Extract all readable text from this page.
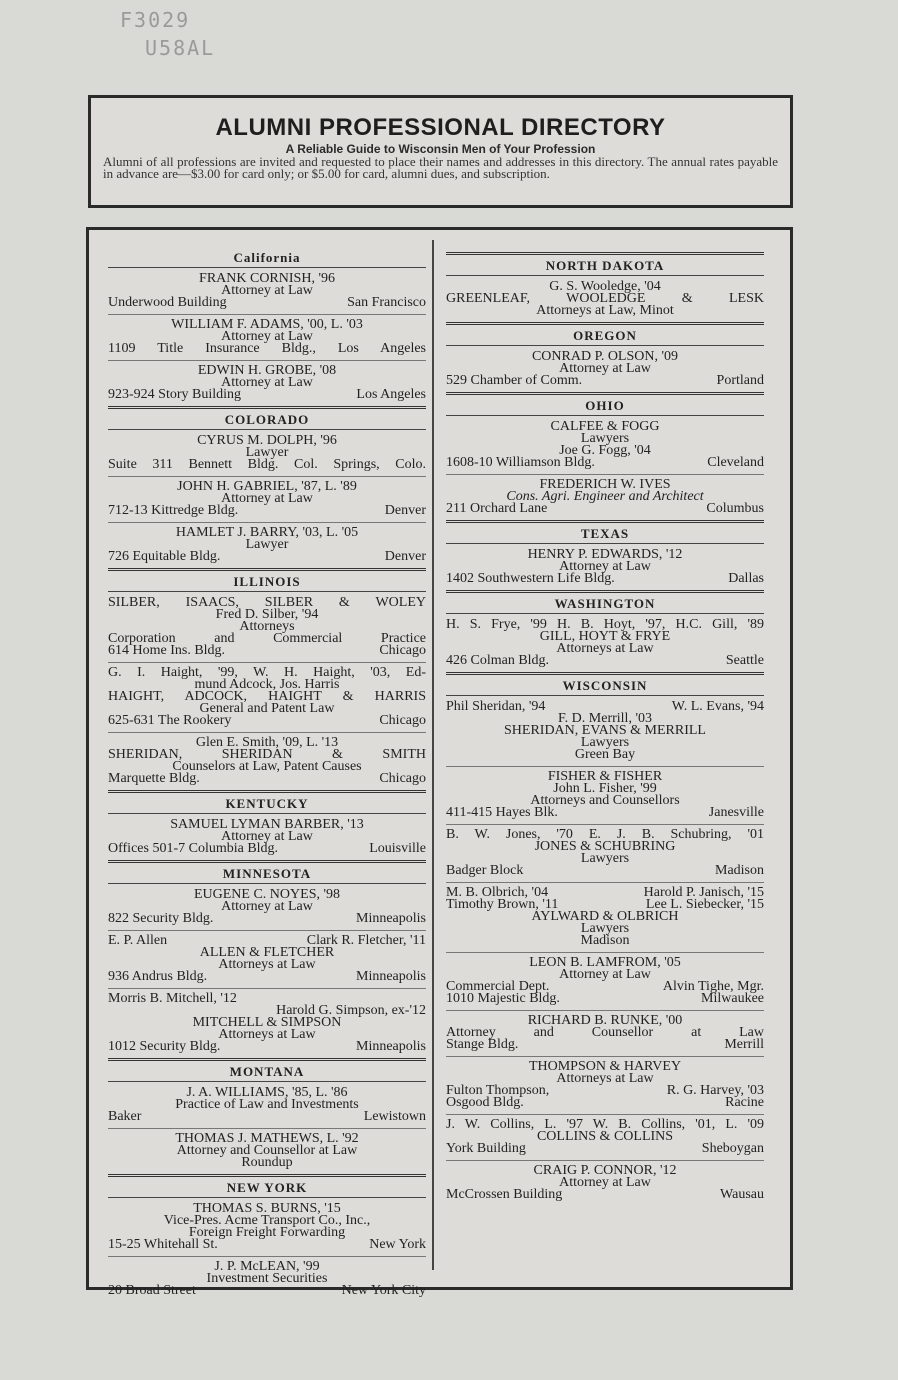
F3029
U58AL
ALUMNI PROFESSIONAL DIRECTORY
A Reliable Guide to Wisconsin Men of Your Profession
Alumni of all professions are invited and requested to place their names and addresses in this directory. The annual rates payable in advance are—$3.00 for card only; or $5.00 for card, alumni dues, and subscription.
California
FRANK CORNISH, '96
Attorney at Law
Underwood Building	San Francisco
WILLIAM F. ADAMS, '00, L. '03
Attorney at Law
1109 Title Insurance Bldg., Los Angeles
EDWIN H. GROBE, '08
Attorney at Law
923-924 Story Building	Los Angeles
COLORADO
CYRUS M. DOLPH, '96
Lawyer
Suite 311 Bennett Bldg. Col. Springs, Colo.
JOHN H. GABRIEL, '87, L. '89
Attorney at Law
712-13 Kittredge Bldg.	Denver
HAMLET J. BARRY, '03, L. '05
Lawyer
726 Equitable Bldg.	Denver
ILLINOIS
SILBER, ISAACS, SILBER & WOLEY
Fred D. Silber, '94
Attorneys
Corporation and Commercial Practice
614 Home Ins. Bldg.	Chicago
G. I. Haight, '99, W. H. Haight, '03, Ed-
mund Adcock, Jos. Harris
HAIGHT, ADCOCK, HAIGHT & HARRIS
General and Patent Law
625-631 The Rookery	Chicago
Glen E. Smith, '09, L. '13
SHERIDAN, SHERIDAN & SMITH
Counselors at Law, Patent Causes
Marquette Bldg.	Chicago
KENTUCKY
SAMUEL LYMAN BARBER, '13
Attorney at Law
Offices 501-7 Columbia Bldg.	Louisville
MINNESOTA
EUGENE C. NOYES, '98
Attorney at Law
822 Security Bldg.	Minneapolis
E. P. Allen	Clark R. Fletcher, '11
ALLEN & FLETCHER
Attorneys at Law
936 Andrus Bldg.	Minneapolis
Morris B. Mitchell, '12
Harold G. Simpson, ex-'12
MITCHELL & SIMPSON
Attorneys at Law
1012 Security Bldg.	Minneapolis
MONTANA
J. A. WILLIAMS, '85, L. '86
Practice of Law and Investments
Baker	Lewistown
THOMAS J. MATHEWS, L. '92
Attorney and Counsellor at Law
Roundup
NEW YORK
THOMAS S. BURNS, '15
Vice-Pres. Acme Transport Co., Inc.,
Foreign Freight Forwarding
15-25 Whitehall St.	New York
J. P. McLEAN, '99
Investment Securities
20 Broad Street	New York City
NORTH DAKOTA
G. S. Wooledge, '04
GREENLEAF, WOOLEDGE & LESK
Attorneys at Law, Minot
OREGON
CONRAD P. OLSON, '09
Attorney at Law
529 Chamber of Comm.	Portland
OHIO
CALFEE & FOGG
Lawyers
Joe G. Fogg, '04
1608-10 Williamson Bldg.	Cleveland
FREDERICH W. IVES
Cons. Agri. Engineer and Architect
211 Orchard Lane	Columbus
TEXAS
HENRY P. EDWARDS, '12
Attorney at Law
1402 Southwestern Life Bldg.	Dallas
WASHINGTON
H. S. Frye, '99 H. B. Hoyt, '97, H.C. Gill, '89
GILL, HOYT & FRYE
Attorneys at Law
426 Colman Bldg.	Seattle
WISCONSIN
Phil Sheridan, '94	W. L. Evans, '94
F. D. Merrill, '03
SHERIDAN, EVANS & MERRILL
Lawyers
Green Bay
FISHER & FISHER
John L. Fisher, '99
Attorneys and Counsellors
411-415 Hayes Blk.	Janesville
B. W. Jones, '70 E. J. B. Schubring, '01
JONES & SCHUBRING
Lawyers
Badger Block	Madison
M. B. Olbrich, '04	Harold P. Janisch, '15
Timothy Brown, '11	Lee L. Siebecker, '15
AYLWARD & OLBRICH
Lawyers
Madison
LEON B. LAMFROM, '05
Attorney at Law
Commercial Dept.	Alvin Tighe, Mgr.
1010 Majestic Bldg.	Milwaukee
RICHARD B. RUNKE, '00
Attorney and Counsellor at Law
Stange Bldg.	Merrill
THOMPSON & HARVEY
Attorneys at Law
Fulton Thompson,	R. G. Harvey, '03
Osgood Bldg.	Racine
J. W. Collins, L. '97 W. B. Collins, '01, L. '09
COLLINS & COLLINS
York Building	Sheboygan
CRAIG P. CONNOR, '12
Attorney at Law
McCrossen Building	Wausau
